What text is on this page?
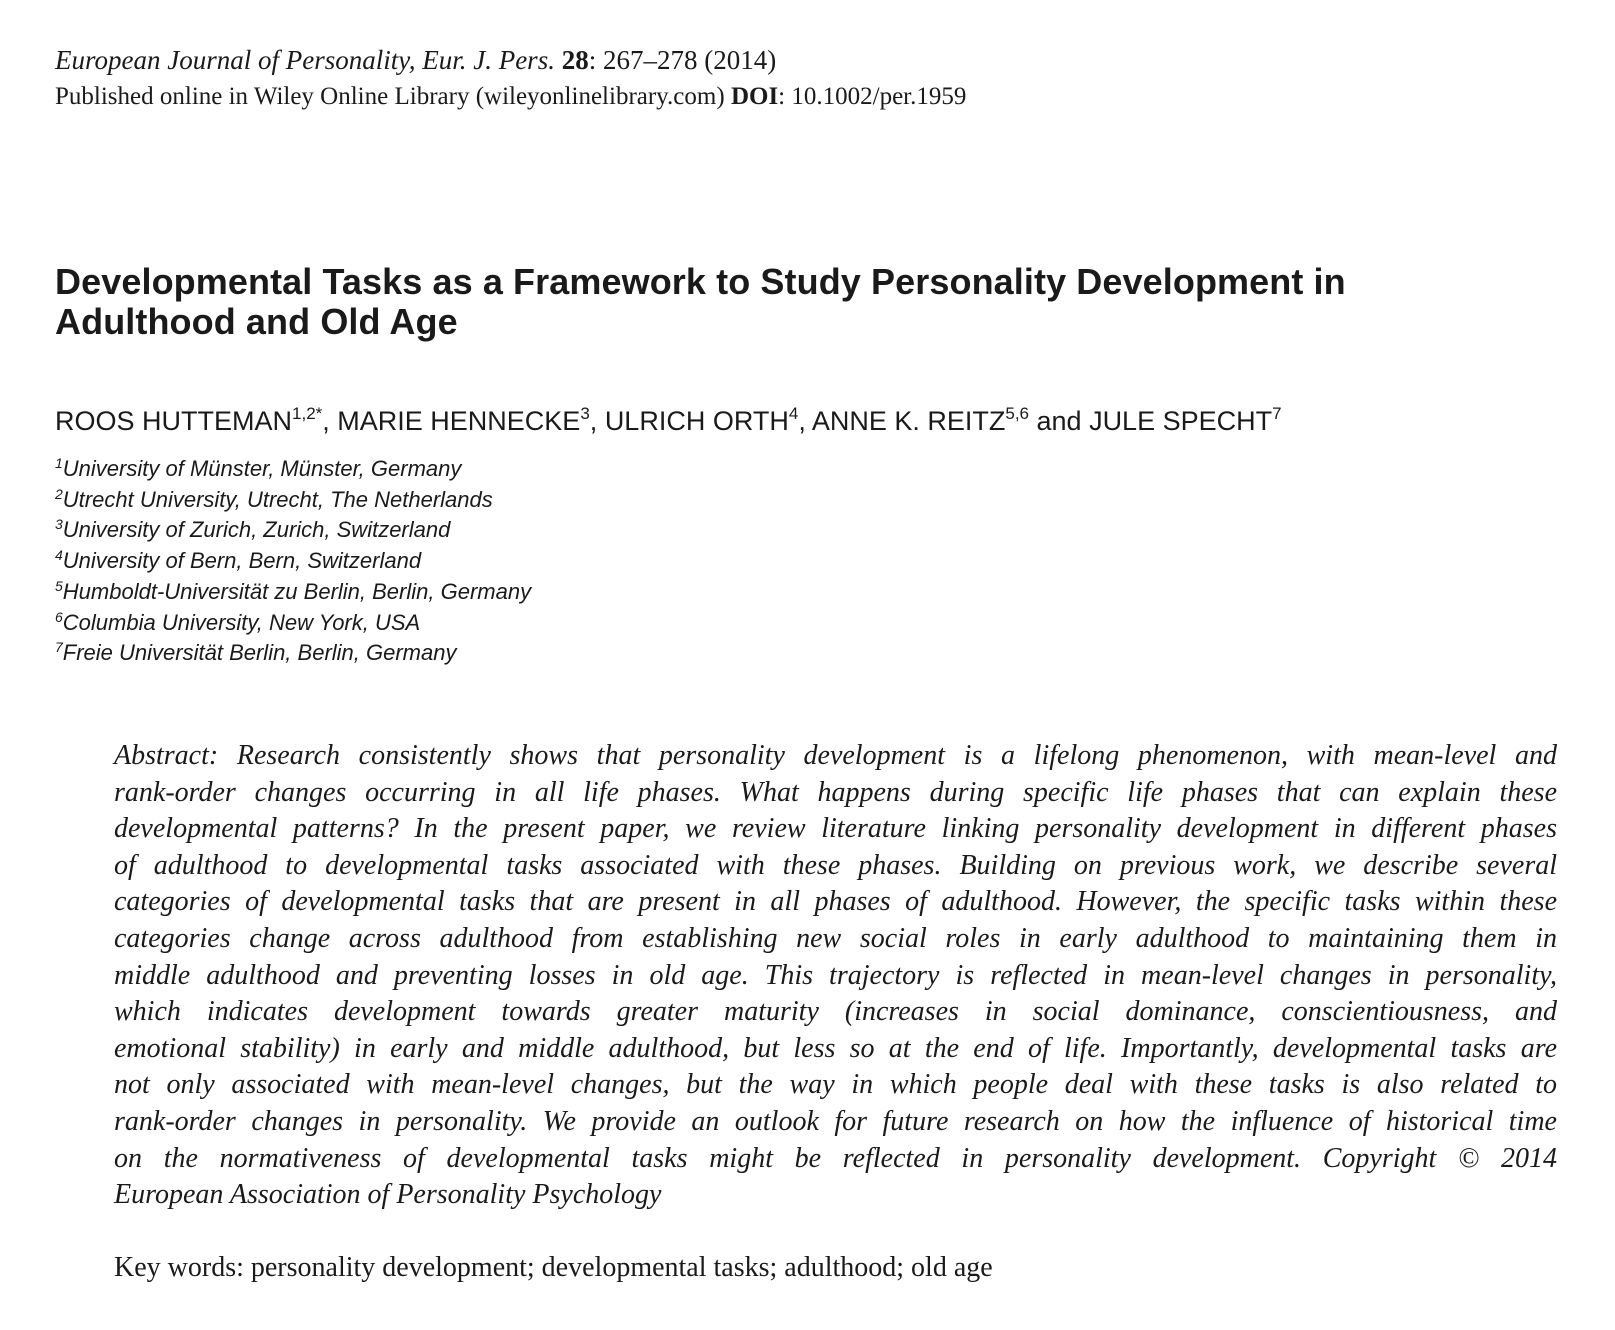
European Journal of Personality, Eur. J. Pers. 28: 267–278 (2014)
Published online in Wiley Online Library (wileyonlinelibrary.com) DOI: 10.1002/per.1959
Developmental Tasks as a Framework to Study Personality Development in
Adulthood and Old Age
ROOS $HUTTEMAN^{1,2*}$, MARIE HENNECKE$^3$, ULRICH ORTH$^4$, ANNE K. REITZ$^{5,6}$ and JULE SPECHT$^7$
$^1$University of Münster, Münster, Germany
$^2$Utrecht University, Utrecht, The Netherlands
$^3$University of Zurich, Zurich, Switzerland
$^4$University of Bern, Bern, Switzerland
$^5$Humboldt-Universität zu Berlin, Berlin, Germany
$^6$Columbia University, New York, USA
$^7$Freie Universität Berlin, Berlin, Germany
Abstract: Research consistently shows that personality development is a lifelong phenomenon, with mean-level and
rank-order changes occurring in all life phases. What happens during specific life phases that can explain these
developmental patterns? In the present paper, we review literature linking personality development in different phases
of adulthood to developmental tasks associated with these phases. Building on previous work, we describe several
categories of developmental tasks that are present in all phases of adulthood. However, the specific tasks within these
categories change across adulthood from establishing new social roles in early adulthood to maintaining them in
middle adulthood and preventing losses in old age. This trajectory is reflected in mean-level changes in personality,
which indicates development towards greater maturity (increases in social dominance, conscientiousness, and
emotional stability) in early and middle adulthood, but less so at the end of life. Importantly, developmental tasks are
not only associated with mean-level changes, but the way in which people deal with these tasks is also related to
rank-order changes in personality. We provide an outlook for future research on how the influence of historical time
on the normativeness of developmental tasks might be reflected in personality development. Copyright © 2014
European Association of Personality Psychology
Key words: personality development; developmental tasks; adulthood; old age
